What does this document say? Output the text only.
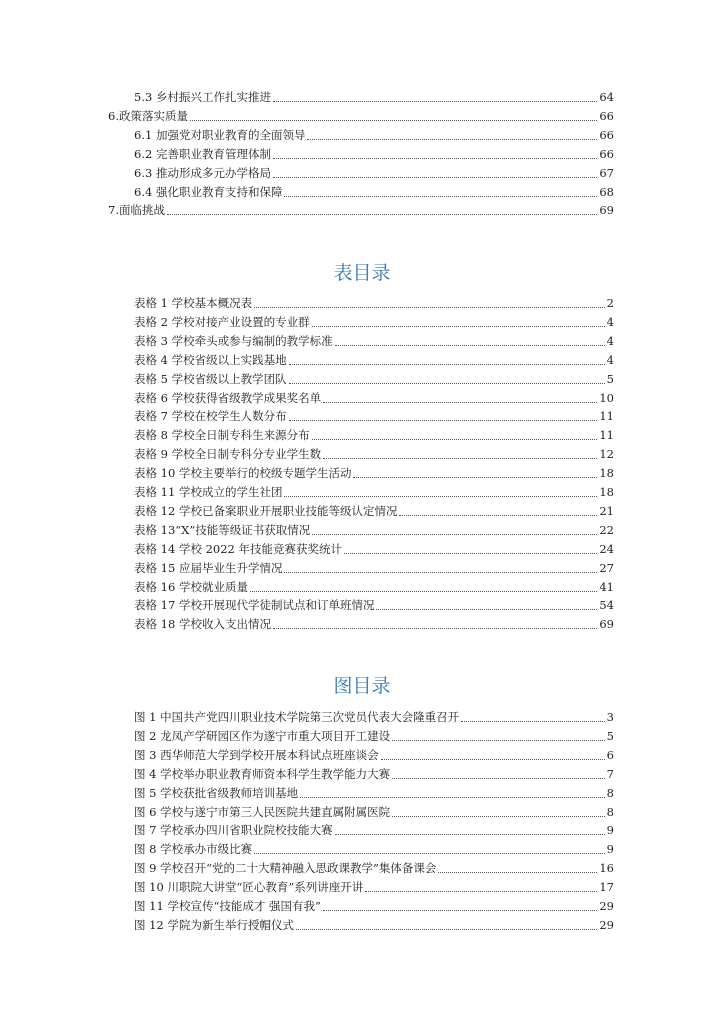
5.3 乡村振兴工作扎实推进	64
6.政策落实质量	66
6.1 加强党对职业教育的全面领导	66
6.2 完善职业教育管理体制	66
6.3 推动形成多元办学格局	67
6.4 强化职业教育支持和保障	68
7.面临挑战	69
表目录
表格 1 学校基本概况表	2
表格 2 学校对接产业设置的专业群	4
表格 3 学校牵头或参与编制的教学标准	4
表格 4 学校省级以上实践基地	4
表格 5 学校省级以上教学团队	5
表格 6 学校获得省级教学成果奖名单	10
表格 7 学校在校学生人数分布	11
表格 8 学校全日制专科生来源分布	11
表格 9 学校全日制专科分专业学生数	12
表格 10 学校主要举行的校级专题学生活动	18
表格 11 学校成立的学生社团	18
表格 12 学校已备案职业开展职业技能等级认定情况	21
表格 13“X”技能等级证书获取情况	22
表格 14 学校 2022 年技能竞赛获奖统计	24
表格 15 应届毕业生升学情况	27
表格 16 学校就业质量	41
表格 17 学校开展现代学徒制试点和订单班情况	54
表格 18 学校收入支出情况	69
图目录
图 1 中国共产党四川职业技术学院第三次党员代表大会隆重召开	3
图 2 龙凤产学研园区作为遂宁市重大项目开工建设	5
图 3 西华师范大学到学校开展本科试点班座谈会	6
图 4 学校举办职业教育师资本科学生教学能力大赛	7
图 5 学校获批省级教师培训基地	8
图 6 学校与遂宁市第三人民医院共建直属附属医院	8
图 7 学校承办四川省职业院校技能大赛	9
图 8 学校承办市级比赛	9
图 9 学校召开“党的二十大精神融入思政课教学”集体备课会	16
图 10 川职院大讲堂“匠心教育”系列讲座开讲	17
图 11 学校宣传“技能成才 强国有我”	29
图 12 学院为新生举行授帽仪式	29
